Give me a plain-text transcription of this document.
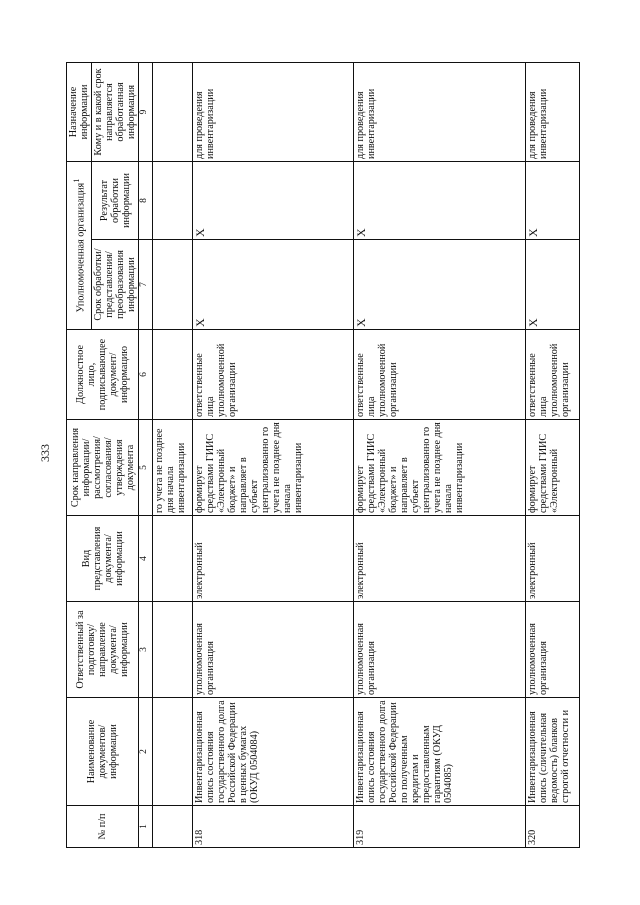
333
№ п/п	Наименование документов/ информации	Ответственный за подготовку/ направление документа/ информации	Вид представления документа/ информации	Срок направления информации/ рассмотрения/ согласования/ утверждения документа	Должностное лицо, подписывающее документ/ информацию	Уполномоченная организация$^1$		Назначение информации
						Срок обработки/ представления/ преобразования информации	Результат обработки информации	Кому и в какой срок направляется обработанная информация
1	2	3	4	5	6	7	8	9
				го учета не позднее дня начала инвентаризации				
318	Инвентаризационная опись состояния государственного долга Российской Федерации в ценных бумагах (ОКУД 0504084)	уполномоченная организация	электронный	формирует средствами ГИИС «Электронный бюджет» и направляет в субъект централизованно го учета не позднее дня начала инвентаризации	ответственные лица уполномоченной организации	X	X	для проведения инвентаризации
319	Инвентаризационная опись состояния государственного долга Российской Федерации по полученным кредитам и предоставленным гарантиям (ОКУД 0504085)	уполномоченная организация	электронный	формирует средствами ГИИС «Электронный бюджет» и направляет в субъект централизованно го учета не позднее дня начала инвентаризации	ответственные лица уполномоченной организации	X	X	для проведения инвентаризации
320	Инвентаризационная опись (сличительная ведомость) бланков строгой отчетности и	уполномоченная организация	электронный	формирует средствами ГИИС «Электронный	ответственные лица уполномоченной организации	X	X	для проведения инвентаризации
